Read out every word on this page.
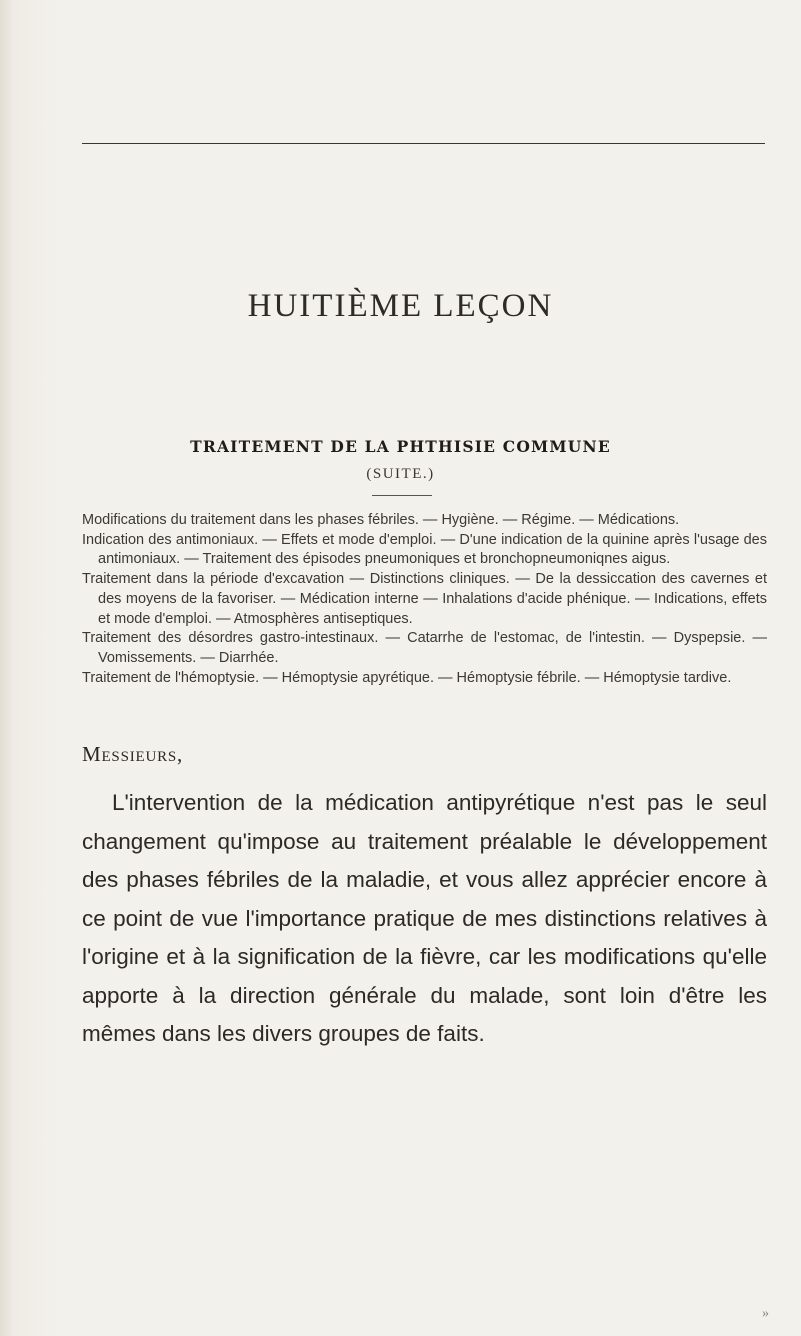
HUITIÈME LEÇON
TRAITEMENT DE LA PHTHISIE COMMUNE
(SUITE.)

Modifications du traitement dans les phases fébriles. — Hygiène. — Régime. — Médications.

Indication des antimoniaux. — Effets et mode d'emploi. — D'une indication de la quinine après l'usage des antimoniaux. — Traitement des épisodes pneumoniques et bronchopneumoniqnes aigus.

Traitement dans la période d'excavation — Distinctions cliniques. — De la dessiccation des cavernes et des moyens de la favoriser. — Médication interne — Inhalations d'acide phénique. — Indications, effets et mode d'emploi. — Atmosphères antiseptiques.

Traitement des désordres gastro-intestinaux. — Catarrhe de l'estomac, de l'intestin. — Dyspepsie. — Vomissements. — Diarrhée.

Traitement de l'hémoptysie. — Hémoptysie apyrétique. — Hémoptysie fébrile. — Hémoptysie tardive.

Messieurs,

L'intervention de la médication antipyrétique n'est pas le seul changement qu'impose au traitement préalable le développement des phases fébriles de la maladie, et vous allez apprécier encore à ce point de vue l'importance pratique de mes distinctions relatives à l'origine et à la signification de la fièvre, car les modifications qu'elle apporte à la direction générale du malade, sont loin d'être les mêmes dans les divers groupes de faits.

»
